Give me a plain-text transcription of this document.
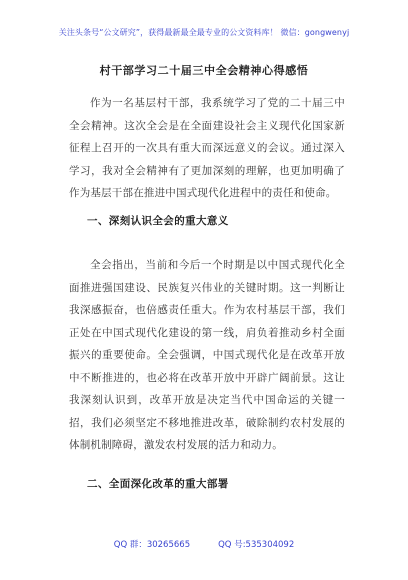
关注头条号“公文研究”，获得最新最全最专业的公文资料库！ 微信：gongwenyj
村干部学习二十届三中全会精神心得感悟

作为一名基层村干部，我系统学习了党的二十届三中全会精神。这次全会是在全面建设社会主义现代化国家新征程上召开的一次具有重大而深远意义的会议。通过深入学习，我对全会精神有了更加深刻的理解，也更加明确了作为基层干部在推进中国式现代化进程中的责任和使命。

一、深刻认识全会的重大意义

全会指出，当前和今后一个时期是以中国式现代化全面推进强国建设、民族复兴伟业的关键时期。这一判断让我深感振奋，也倍感责任重大。作为农村基层干部，我们正处在中国式现代化建设的第一线，肩负着推动乡村全面振兴的重要使命。全会强调，中国式现代化是在改革开放中不断推进的，也必将在改革开放中开辟广阔前景。这让我深刻认识到，改革开放是决定当代中国命运的关键一招，我们必须坚定不移地推进改革，破除制约农村发展的体制机制障碍，激发农村发展的活力和动力。

二、全面深化改革的重大部署
QQ 群：30265665	QQ 号:535304092
